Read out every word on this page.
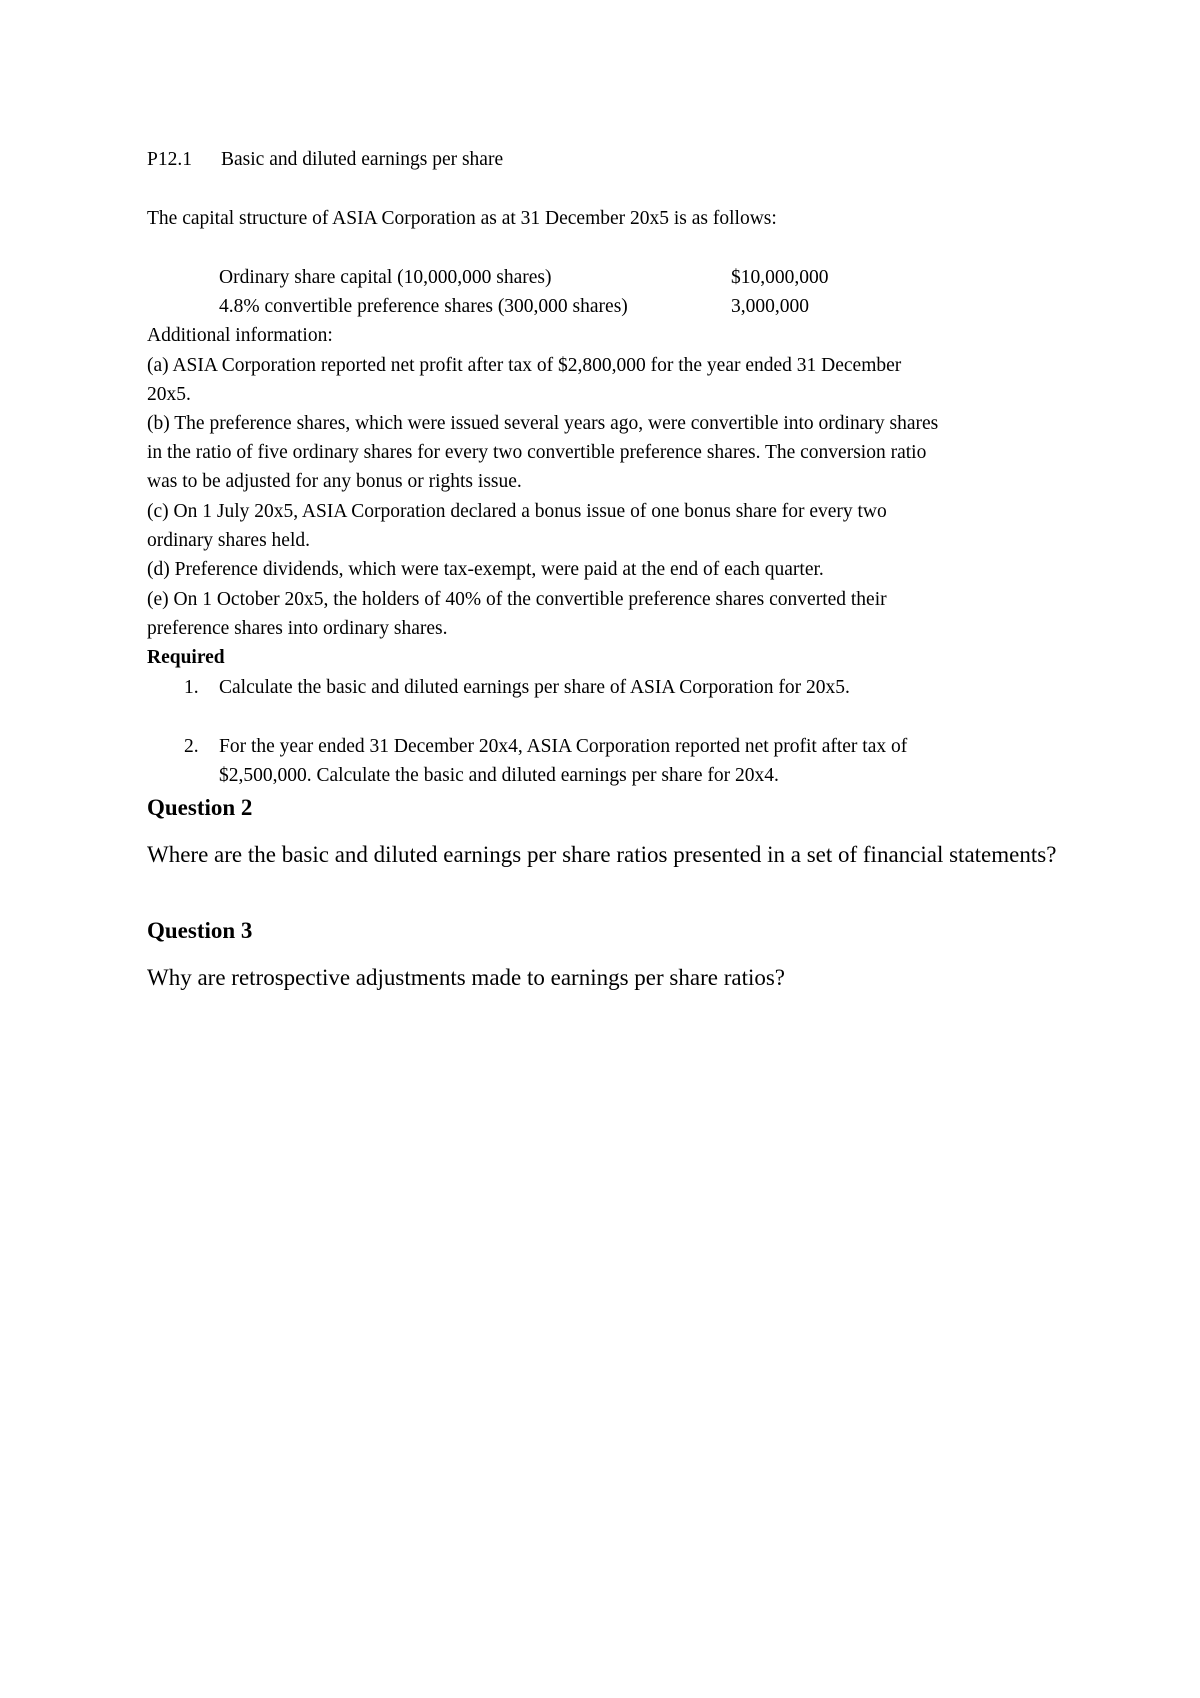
P12.1 Basic and diluted earnings per share
The capital structure of ASIA Corporation as at 31 December 20x5 is as follows:
Ordinary share capital (10,000,000 shares)	$10,000,000
4.8% convertible preference shares (300,000 shares)	3,000,000
Additional information:
(a) ASIA Corporation reported net profit after tax of $2,800,000 for the year ended 31 December
20x5.
(b) The preference shares, which were issued several years ago, were convertible into ordinary shares
in the ratio of five ordinary shares for every two convertible preference shares. The conversion ratio
was to be adjusted for any bonus or rights issue.
(c) On 1 July 20x5, ASIA Corporation declared a bonus issue of one bonus share for every two
ordinary shares held.
(d) Preference dividends, which were tax-exempt, were paid at the end of each quarter.
(e) On 1 October 20x5, the holders of 40% of the convertible preference shares converted their
preference shares into ordinary shares.
Required
1. Calculate the basic and diluted earnings per share of ASIA Corporation for 20x5.
2. For the year ended 31 December 20x4, ASIA Corporation reported net profit after tax of
$2,500,000. Calculate the basic and diluted earnings per share for 20x4.
Question 2
Where are the basic and diluted earnings per share ratios presented in a set of financial statements?
Question 3
Why are retrospective adjustments made to earnings per share ratios?
